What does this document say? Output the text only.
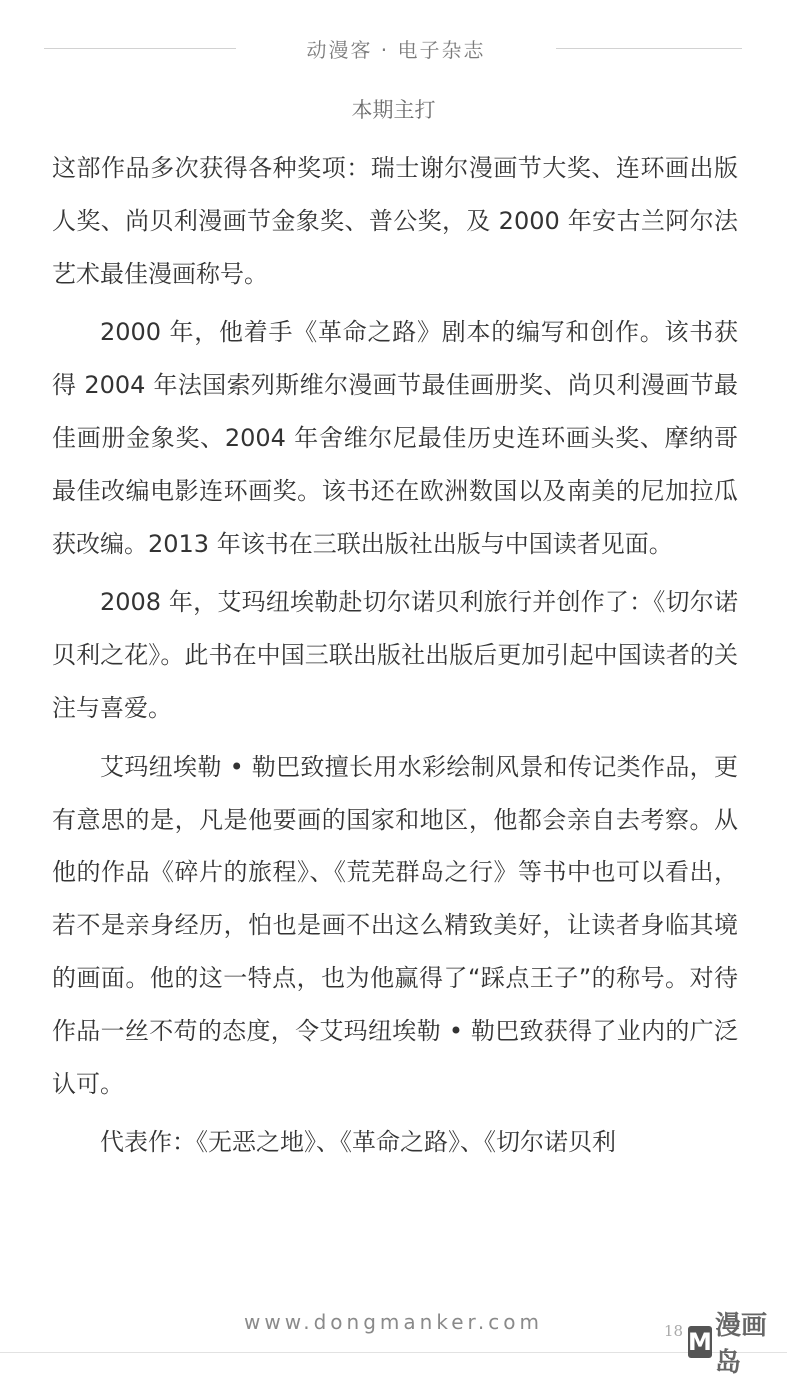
动漫客 · 电子杂志
本期主打

这部作品多次获得各种奖项：瑞士谢尔漫画节大奖、连环画出版人奖、尚贝利漫画节金象奖、普公奖，及 2000 年安古兰阿尔法艺术最佳漫画称号。

2000 年，他着手《革命之路》剧本的编写和创作。该书获得 2004 年法国索列斯维尔漫画节最佳画册奖、尚贝利漫画节最佳画册金象奖、2004 年舍维尔尼最佳历史连环画头奖、摩纳哥最佳改编电影连环画奖。该书还在欧洲数国以及南美的尼加拉瓜获改编。2013 年该书在三联出版社出版与中国读者见面。

2008 年，艾玛纽埃勒赴切尔诺贝利旅行并创作了：《切尔诺贝利之花》。此书在中国三联出版社出版后更加引起中国读者的关注与喜爱。

艾玛纽埃勒 • 勒巴致擅长用水彩绘制风景和传记类作品，更有意思的是，凡是他要画的国家和地区，他都会亲自去考察。从他的作品《碎片的旅程》、《荒芜群岛之行》等书中也可以看出，若不是亲身经历，怕也是画不出这么精致美好，让读者身临其境的画面。他的这一特点，也为他赢得了“踩点王子”的称号。对待作品一丝不苟的态度，令艾玛纽埃勒 • 勒巴致获得了业内的广泛认可。

代表作：《无恶之地》、《革命之路》、《切尔诺贝利

www.dongmanker.com	18 M
漫画岛
